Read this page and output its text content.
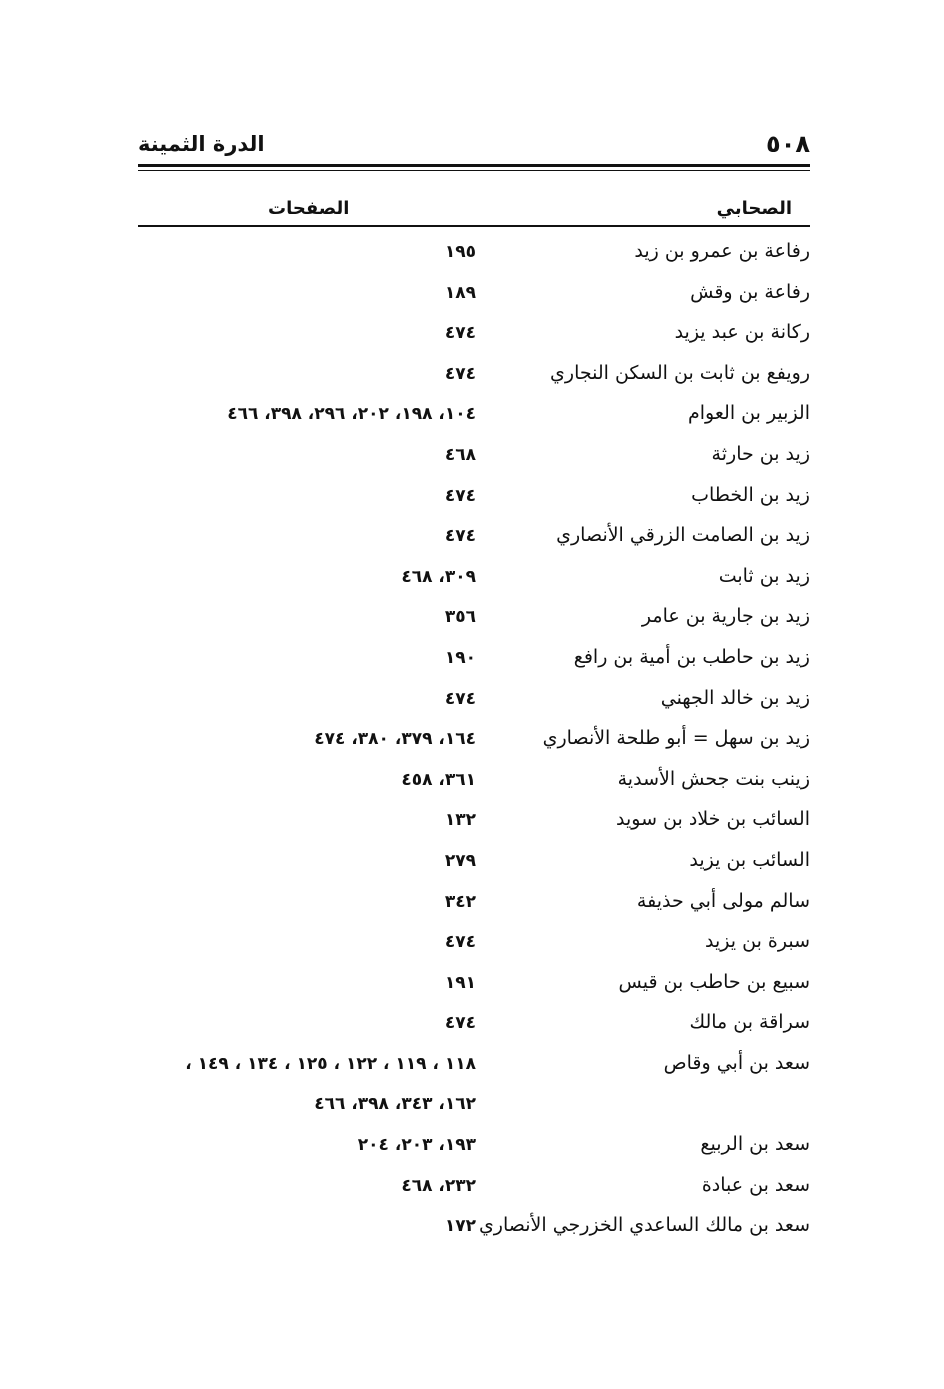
٥٠٨
الدرة الثمينة
الصحابي
الصفحات
رفاعة بن عمرو بن زيد
١٩٥
رفاعة بن وقش
١٨٩
ركانة بن عبد يزيد
٤٧٤
رويفع بن ثابت بن السكن النجاري
٤٧٤
الزبير بن العوام
١٠٤، ١٩٨، ٢٠٢، ٢٩٦، ٣٩٨، ٤٦٦
زيد بن حارثة
٤٦٨
زيد بن الخطاب
٤٧٤
زيد بن الصامت الزرقي الأنصاري
٤٧٤
زيد بن ثابت
٣٠٩، ٤٦٨
زيد بن جارية بن عامر
٣٥٦
زيد بن حاطب بن أمية بن رافع
١٩٠
زيد بن خالد الجهني
٤٧٤
زيد بن سهل = أبو طلحة الأنصاري
١٦٤، ٣٧٩، ٣٨٠، ٤٧٤
زينب بنت جحش الأسدية
٣٦١، ٤٥٨
السائب بن خلاد بن سويد
١٣٢
السائب بن يزيد
٢٧٩
سالم مولى أبي حذيفة
٣٤٢
سبرة بن يزيد
٤٧٤
سبيع بن حاطب بن قيس
١٩١
سراقة بن مالك
٤٧٤
سعد بن أبي وقاص
١١٨ ، ١١٩ ، ١٢٢ ، ١٢٥ ، ١٣٤ ، ١٤٩ ،
١٦٢، ٣٤٣، ٣٩٨، ٤٦٦
سعد بن الربيع
١٩٣، ٢٠٣، ٢٠٤
سعد بن عبادة
٢٣٢، ٤٦٨
سعد بن مالك الساعدي الخزرجي الأنصاري
١٧٢
